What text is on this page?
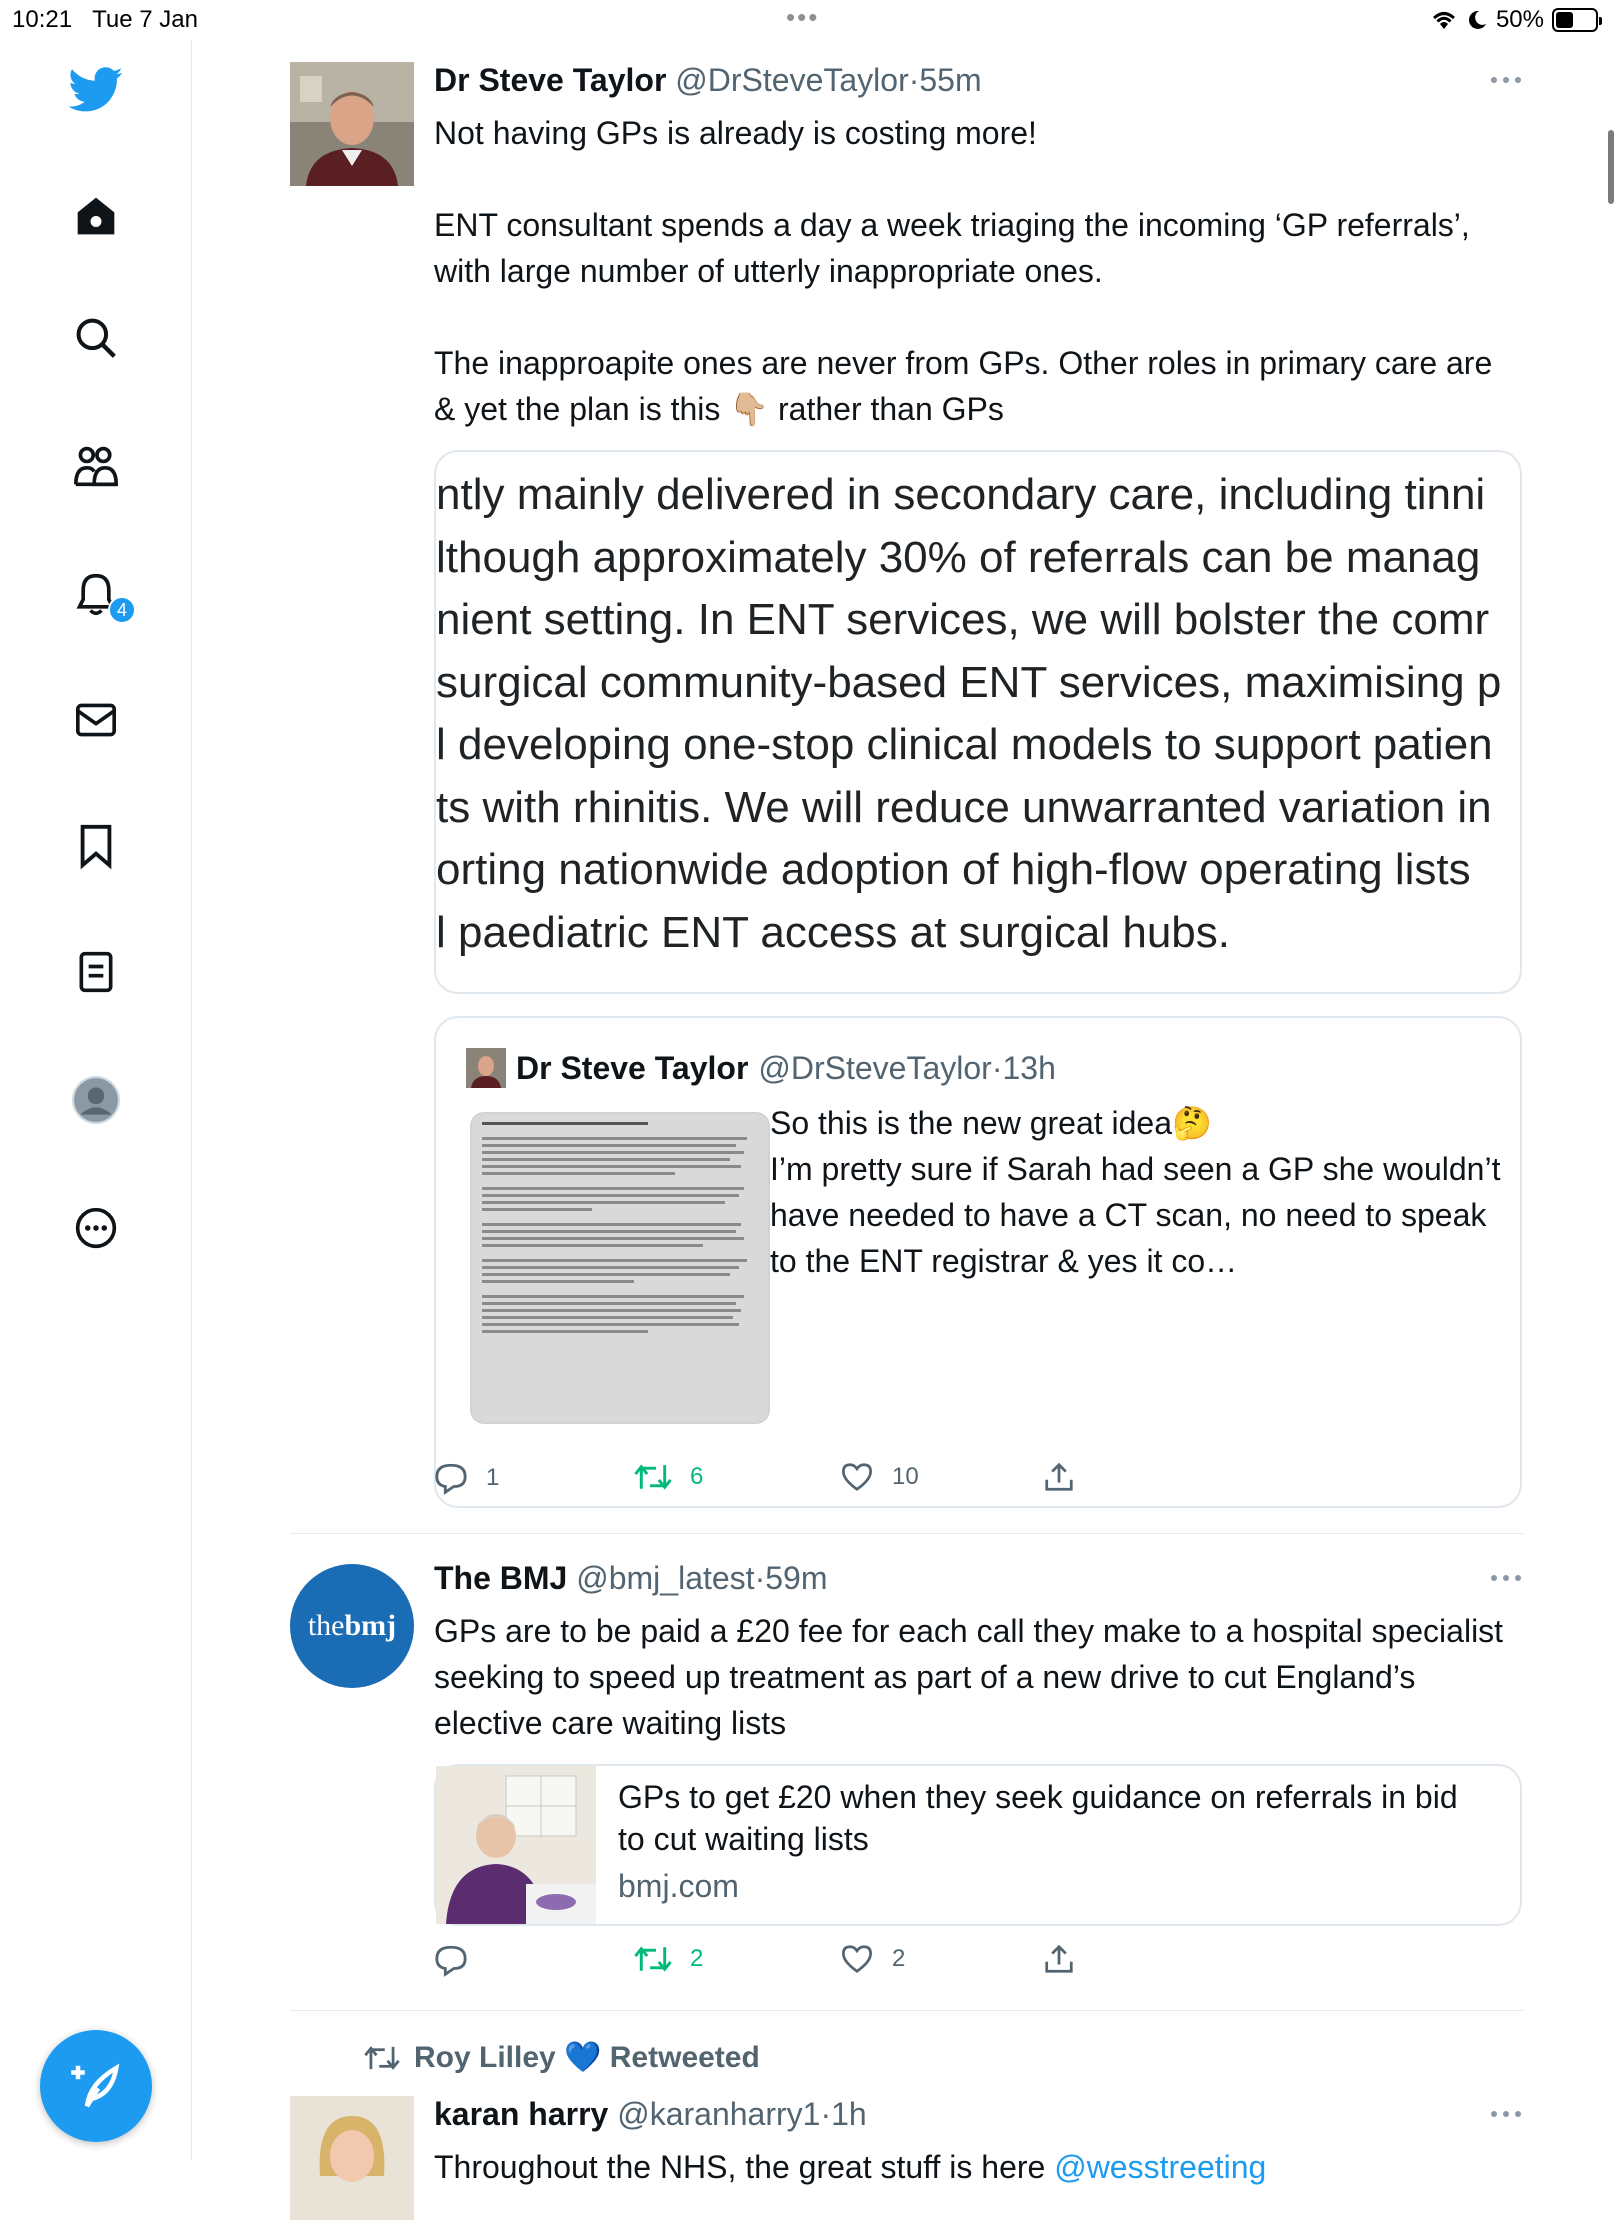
10:21 Tue 7 Jan	•••	50%
4
Dr Steve Taylor @DrSteveTaylor·55m
Not having GPs is already is costing more!

ENT consultant spends a day a week triaging the incoming ‘GP referrals’, with large number of utterly inappropriate ones.

The inapproapite ones are never from GPs. Other roles in primary care are & yet the plan is this 👇🏼 rather than GPs
ntly mainly delivered in secondary care, including tinni
lthough approximately 30% of referrals can be manag
nient setting. In ENT services, we will bolster the comr
surgical community-based ENT services, maximising p
l developing one-stop clinical models to support patien
ts with rhinitis. We will reduce unwarranted variation in
orting nationwide adoption of high-flow operating lists
l paediatric ENT access at surgical hubs.
Dr Steve Taylor @DrSteveTaylor·13h
So this is the new great idea🤔
I’m pretty sure if Sarah had seen a GP she wouldn’t have needed to have a CT scan, no need to speak to the ENT registrar & yes it co…
1	6	10
the bmj
The BMJ @bmj_latest·59m
GPs are to be paid a £20 fee for each call they make to a hospital specialist seeking to speed up treatment as part of a new drive to cut England’s elective care waiting lists
GPs to get £20 when they seek guidance on referrals in bid to cut waiting lists
bmj.com
2	2
Roy Lilley 💙 Retweeted
karan harry @karanharry1·1h
Throughout the NHS, the great stuff is here @wesstreeting
